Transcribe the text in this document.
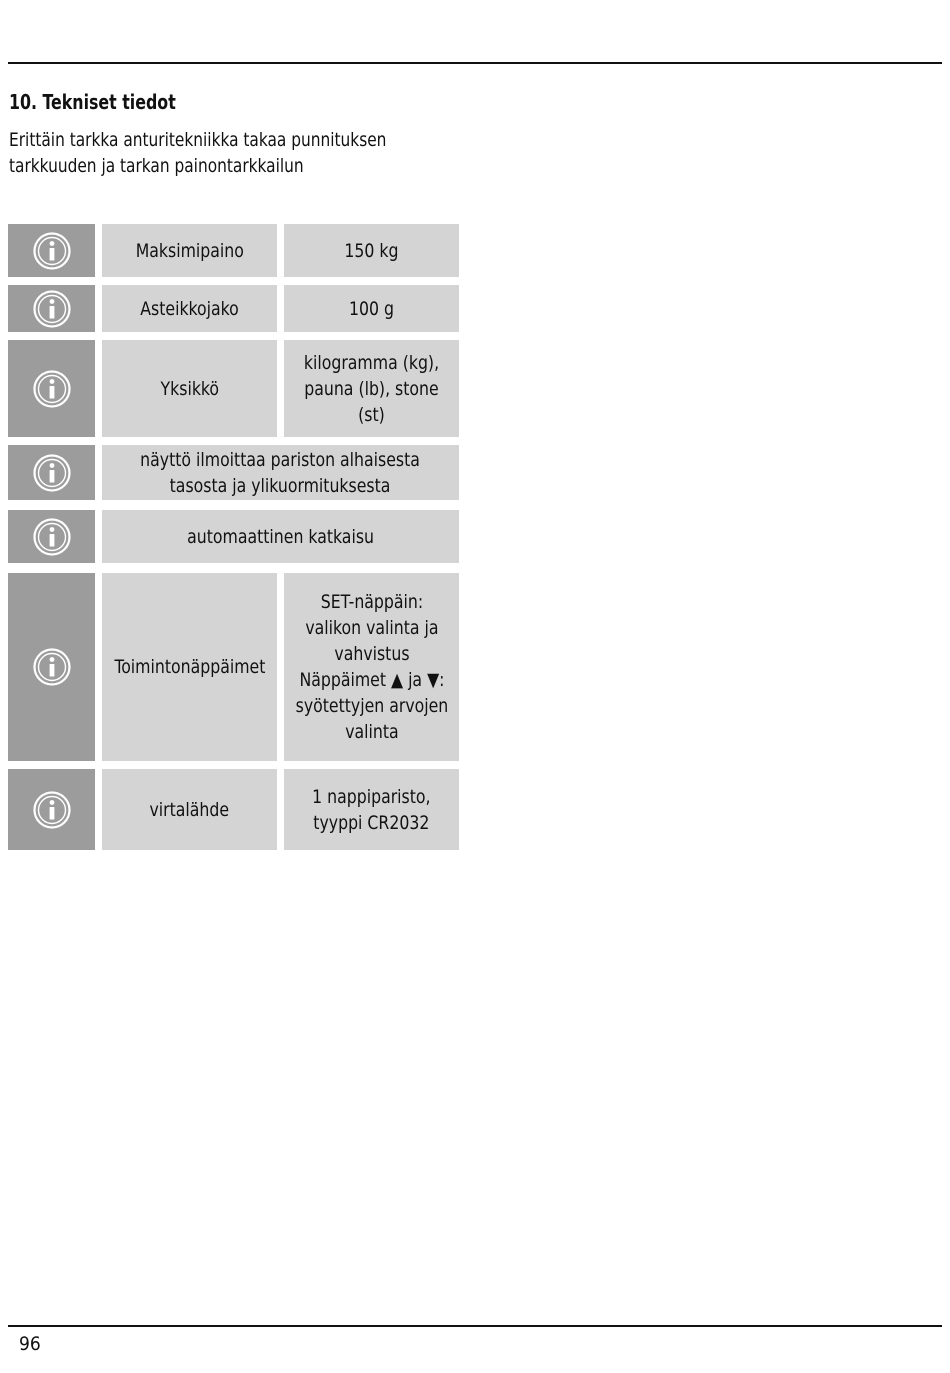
10. Tekniset tiedot

Erittäin tarkka anturitekniikka takaa punnituksen
tarkkuuden ja tarkan painontarkkailun

Maksimipaino	150 kg
Asteikkojako	100 g
Yksikkö
kilogramma (kg),
pauna (lb), stone
(st)
näyttö ilmoittaa pariston alhaisesta
tasosta ja ylikuormituksesta
automaattinen katkaisu
Toimintonäppäimet
SET-näppäin:
valikon valinta ja
vahvistus
Näppäimet ▲ ja ▼:
syötettyjen arvojen
valinta
virtalähde
1 nappiparisto,
tyyppi CR2032
96
